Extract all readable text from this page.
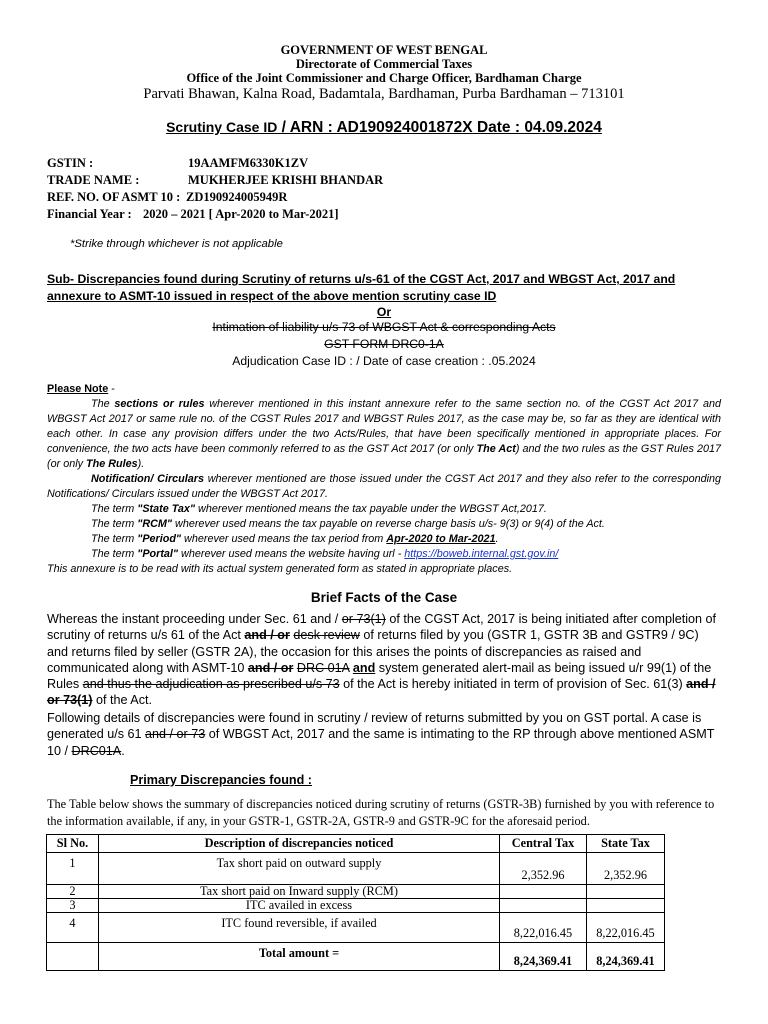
GOVERNMENT OF WEST BENGAL
Directorate of Commercial Taxes
Office of the Joint Commissioner and Charge Officer, Bardhaman Charge
Parvati Bhawan, Kalna Road, Badamtala, Bardhaman, Purba Bardhaman – 713101
Scrutiny Case ID / ARN : AD190924001872X Date : 04.09.2024
GSTIN :	19AAMFM6330K1ZV
TRADE NAME :	MUKHERJEE KRISHI BHANDAR
REF. NO. OF ASMT 10 : ZD190924005949R
Financial Year : 2020 – 2021 [ Apr-2020 to Mar-2021]
*Strike through whichever is not applicable
Sub- Discrepancies found during Scrutiny of returns u/s-61 of the CGST Act, 2017 and WBGST Act, 2017 and
annexure to ASMT-10 issued in respect of the above mention scrutiny case ID
Or
Intimation of liability u/s 73 of WBGST Act & corresponding Acts
GST FORM DRC0-1A
Adjudication Case ID : / Date of case creation : .05.2024
Please Note -
The sections or rules wherever mentioned in this instant annexure refer to the same section no. of the CGST Act 2017 and WBGST Act 2017 or same rule no. of the CGST Rules 2017 and WBGST Rules 2017, as the case may be, so far as they are identical with each other. In case any provision differs under the two Acts/Rules, that have been specifically mentioned in appropriate places. For convenience, the two acts have been commonly referred to as the GST Act 2017 (or only The Act) and the two rules as the GST Rules 2017 (or only The Rules).
Notification/ Circulars wherever mentioned are those issued under the CGST Act 2017 and they also refer to the corresponding Notifications/ Circulars issued under the WBGST Act 2017.
The term "State Tax" wherever mentioned means the tax payable under the WBGST Act,2017.
The term "RCM" wherever used means the tax payable on reverse charge basis u/s- 9(3) or 9(4) of the Act.
The term "Period" wherever used means the tax period from Apr-2020 to Mar-2021.
The term "Portal" wherever used means the website having url - https://boweb.internal.gst.gov.in/
This annexure is to be read with its actual system generated form as stated in appropriate places.
Brief Facts of the Case
Whereas the instant proceeding under Sec. 61 and / or 73(1) of the CGST Act, 2017 is being initiated after completion of scrutiny of returns u/s 61 of the Act and / or desk review of returns filed by you (GSTR 1, GSTR 3B and GSTR9 / 9C) and returns filed by seller (GSTR 2A), the occasion for this arises the points of discrepancies as raised and communicated along with ASMT-10 and / or DRC 01A and system generated alert-mail as being issued u/r 99(1) of the Rules and thus the adjudication as prescribed u/s 73 of the Act is hereby initiated in term of provision of Sec. 61(3) and / or 73(1) of the Act.
Following details of discrepancies were found in scrutiny / review of returns submitted by you on GST portal. A case is generated u/s 61 and / or 73 of WBGST Act, 2017 and the same is intimating to the RP through above mentioned ASMT 10 / DRC01A.
Primary Discrepancies found :
The Table below shows the summary of discrepancies noticed during scrutiny of returns (GSTR-3B) furnished by you with reference to the information available, if any, in your GSTR-1, GSTR-2A, GSTR-9 and GSTR-9C for the aforesaid period.
Sl No.	Description of discrepancies noticed	Central Tax	State Tax
1	Tax short paid on outward supply	2,352.96	2,352.96
2	Tax short paid on Inward supply (RCM)		
3	ITC availed in excess		
4	ITC found reversible, if availed	8,22,016.45	8,22,016.45
	Total amount =	8,24,369.41	8,24,369.41
